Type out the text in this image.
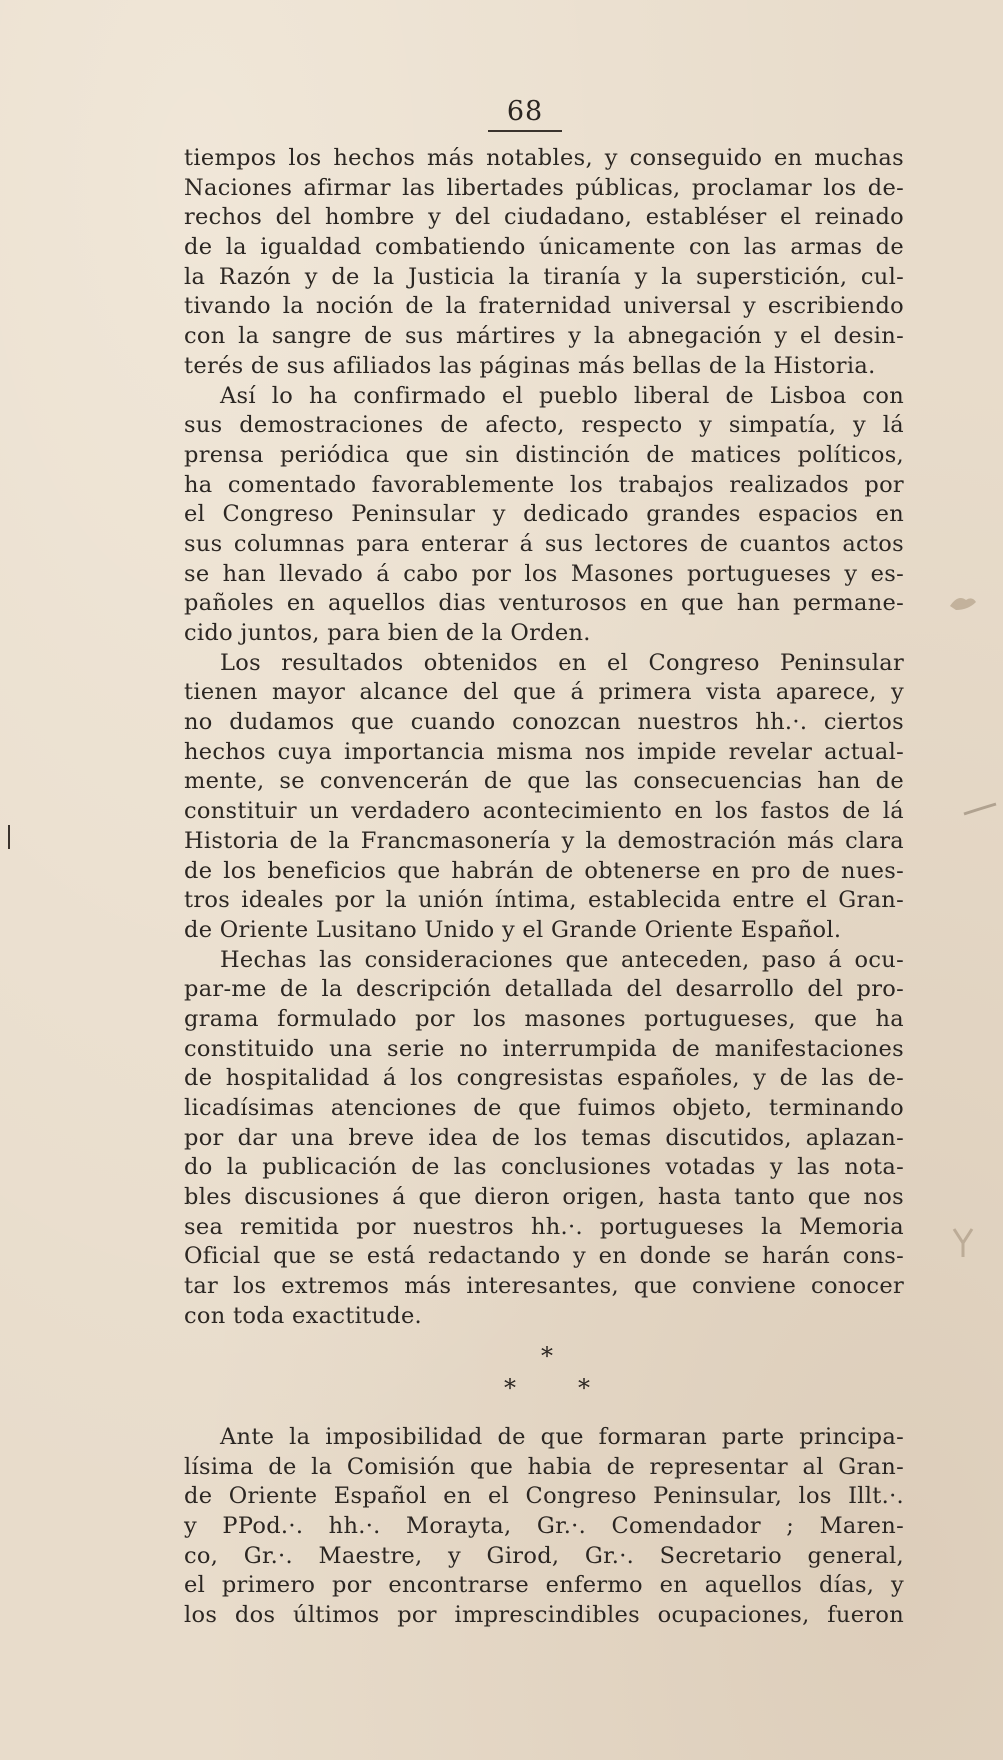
68
tiempos los hechos más notables, y conseguido en muchas
Naciones afirmar las libertades públicas, proclamar los de-
rechos del hombre y del ciudadano, establéser el reinado
de la igualdad combatiendo únicamente con las armas de
la Razón y de la Justicia la tiranía y la superstición, cul-
tivando la noción de la fraternidad universal y escribiendo
con la sangre de sus mártires y la abnegación y el desin-
terés de sus afiliados las páginas más bellas de la Historia.
Así lo ha confirmado el pueblo liberal de Lisboa con
sus demostraciones de afecto, respecto y simpatía, y lá
prensa periódica que sin distinción de matices políticos,
ha comentado favorablemente los trabajos realizados por
el Congreso Peninsular y dedicado grandes espacios en
sus columnas para enterar á sus lectores de cuantos actos
se han llevado á cabo por los Masones portugueses y es-
pañoles en aquellos dias venturosos en que han permane-
cido juntos, para bien de la Orden.
Los resultados obtenidos en el Congreso Peninsular
tienen mayor alcance del que á primera vista aparece, y
no dudamos que cuando conozcan nuestros hh.·. ciertos
hechos cuya importancia misma nos impide revelar actual-
mente, se convencerán de que las consecuencias han de
constituir un verdadero acontecimiento en los fastos de lá
Historia de la Francmasonería y la demostración más clara
de los beneficios que habrán de obtenerse en pro de nues-
tros ideales por la unión íntima, establecida entre el Gran-
de Oriente Lusitano Unido y el Grande Oriente Español.
Hechas las consideraciones que anteceden, paso á ocu-
par-me de la descripción detallada del desarrollo del pro-
grama formulado por los masones portugueses, que ha
constituido una serie no interrumpida de manifestaciones
de hospitalidad á los congresistas españoles, y de las de-
licadísimas atenciones de que fuimos objeto, terminando
por dar una breve idea de los temas discutidos, aplazan-
do la publicación de las conclusiones votadas y las nota-
bles discusiones á que dieron origen, hasta tanto que nos
sea remitida por nuestros hh.·. portugueses la Memoria
Oficial que se está redactando y en donde se harán cons-
tar los extremos más interesantes, que conviene conocer
con toda exactitude.
*
*	*
Ante la imposibilidad de que formaran parte principa-
lísima de la Comisión que habia de representar al Gran-
de Oriente Español en el Congreso Peninsular, los Illt.·.
y PPod.·. hh.·. Morayta, Gr.·. Comendador ; Maren-
co, Gr.·. Maestre, y Girod, Gr.·. Secretario general,
el primero por encontrarse enfermo en aquellos días, y
los dos últimos por imprescindibles ocupaciones, fueron
